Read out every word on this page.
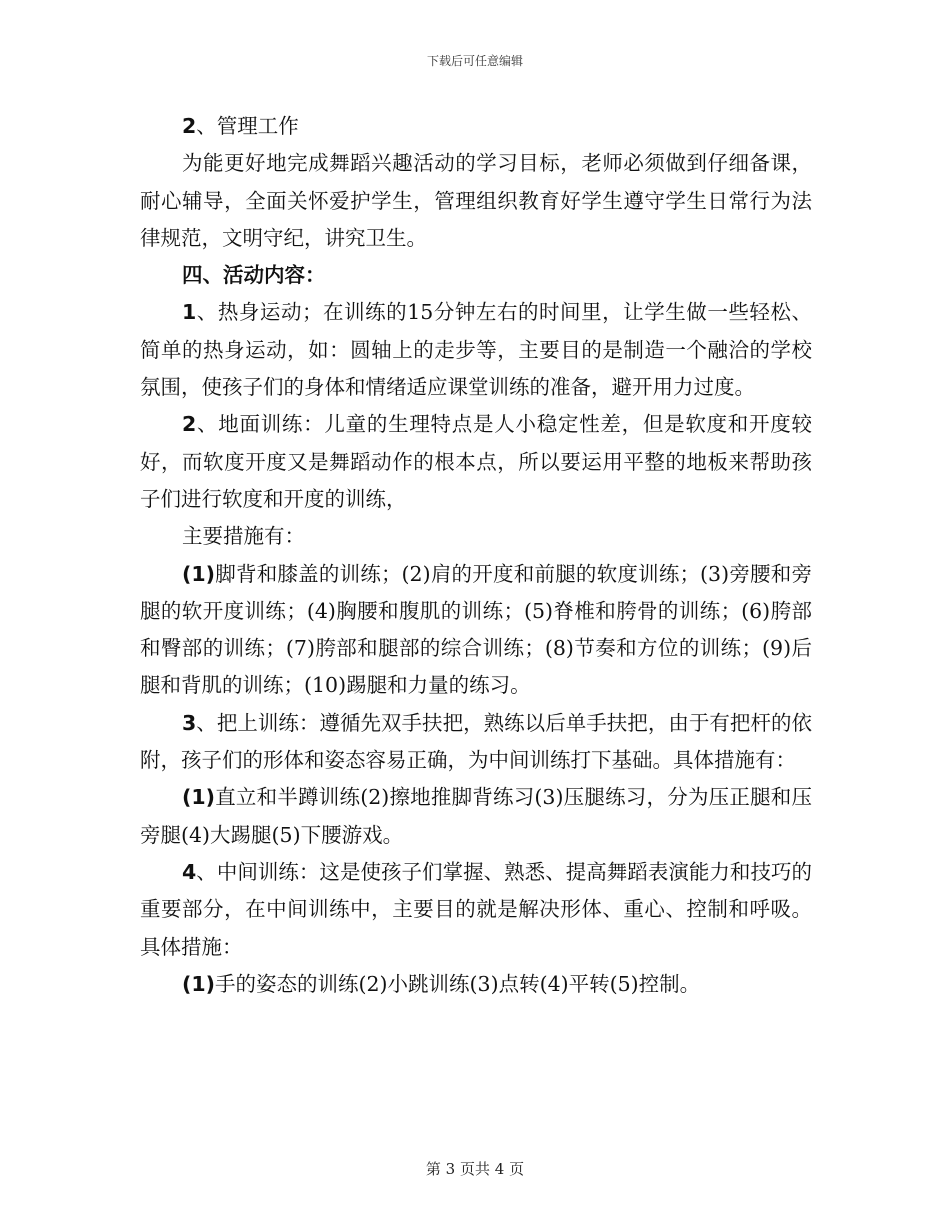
下载后可任意编辑

2、管理工作

为能更好地完成舞蹈兴趣活动的学习目标，老师必须做到仔细备课，耐心辅导，全面关怀爱护学生，管理组织教育好学生遵守学生日常行为法律规范，文明守纪，讲究卫生。

四、活动内容：

1、热身运动；在训练的15分钟左右的时间里，让学生做一些轻松、简单的热身运动，如：圆轴上的走步等，主要目的是制造一个融洽的学校氛围，使孩子们的身体和情绪适应课堂训练的准备，避开用力过度。

2、地面训练：儿童的生理特点是人小稳定性差，但是软度和开度较好，而软度开度又是舞蹈动作的根本点，所以要运用平整的地板来帮助孩子们进行软度和开度的训练，

主要措施有：

(1)脚背和膝盖的训练；(2)肩的开度和前腿的软度训练；(3)旁腰和旁腿的软开度训练；(4)胸腰和腹肌的训练；(5)脊椎和胯骨的训练；(6)胯部和臀部的训练；(7)胯部和腿部的综合训练；(8)节奏和方位的训练；(9)后腿和背肌的训练；(10)踢腿和力量的练习。

3、把上训练：遵循先双手扶把，熟练以后单手扶把，由于有把杆的依附，孩子们的形体和姿态容易正确，为中间训练打下基础。具体措施有：

(1)直立和半蹲训练(2)擦地推脚背练习(3)压腿练习，分为压正腿和压旁腿(4)大踢腿(5)下腰游戏。

4、中间训练：这是使孩子们掌握、熟悉、提高舞蹈表演能力和技巧的重要部分，在中间训练中，主要目的就是解决形体、重心、控制和呼吸。具体措施：

(1)手的姿态的训练(2)小跳训练(3)点转(4)平转(5)控制。

第 3 页共 4 页
